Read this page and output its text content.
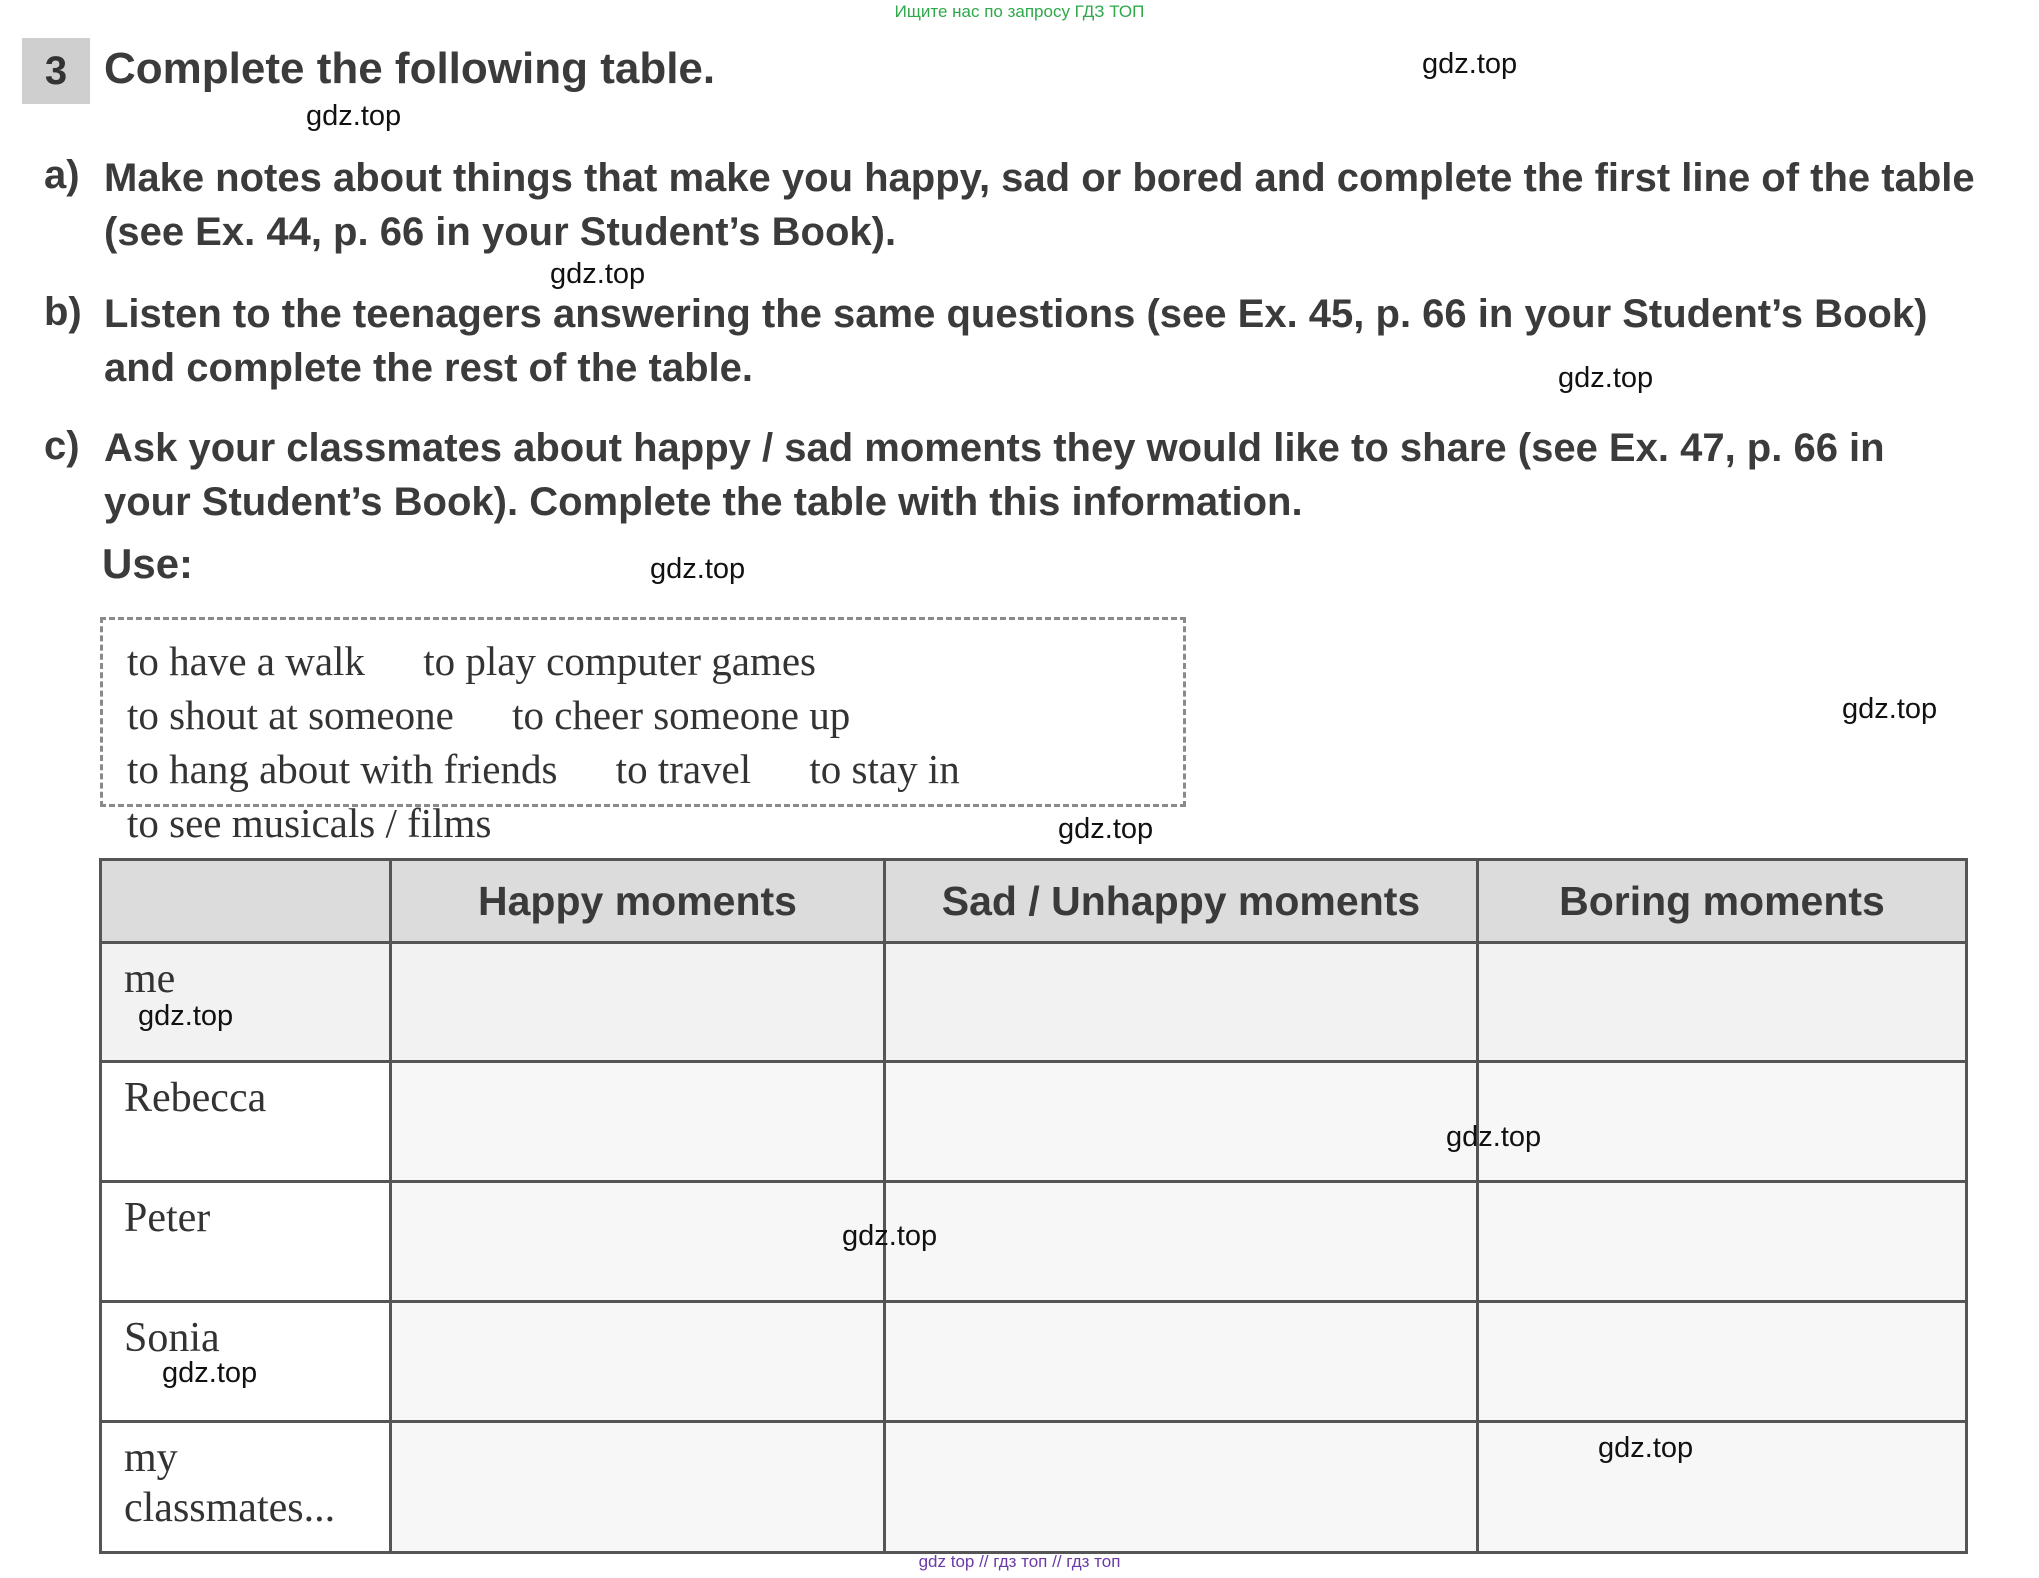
Ищите нас по запросу ГДЗ ТОП
3 Complete the following table.
a) Make notes about things that make you happy, sad or bored and complete the first line of the table (see Ex. 44, p. 66 in your Student’s Book).
b) Listen to the teenagers answering the same questions (see Ex. 45, p. 66 in your Student’s Book) and complete the rest of the table.
c) Ask your classmates about happy / sad moments they would like to share (see Ex. 47, p. 66 in your Student’s Book). Complete the table with this information.
Use:
to have a walk to play computer games to shout at someone to cheer someone up to hang about with friends to travel to stay in to see musicals / films
	Happy moments	Sad / Unhappy moments	Boring moments
me			
Rebecca			
Peter			
Sonia			

my classmates...			

gdz.top
gdz.top
gdz.top
gdz.top
gdz.top
gdz.top
gdz.top
gdz.top
gdz.top
gdz.top
gdz.top
gdz.top
gdz top // гдз топ // гдз топ
